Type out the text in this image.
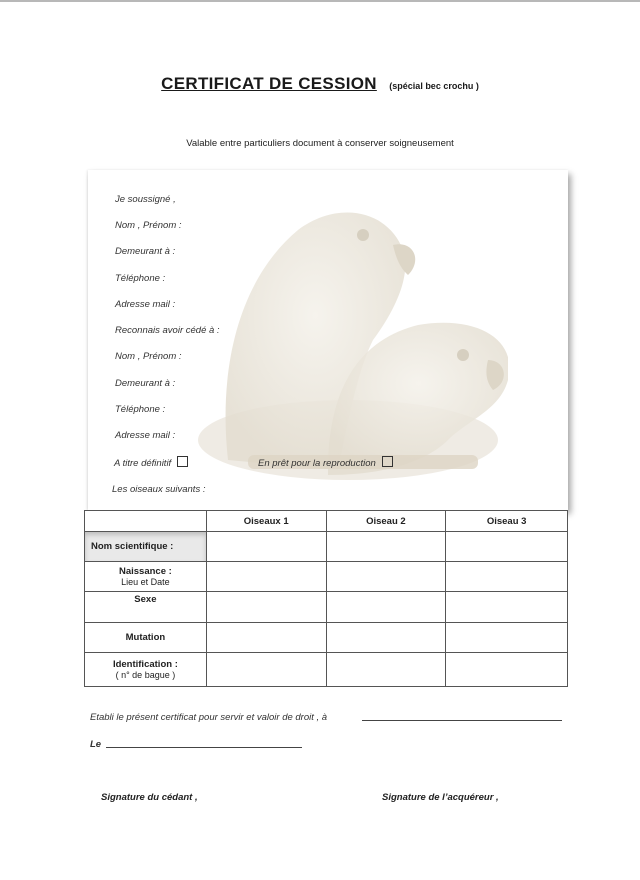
CERTIFICAT DE CESSION (spécial bec crochu )
Valable entre particuliers document à conserver soigneusement
Je soussigné ,
Nom , Prénom :
Demeurant à :
Téléphone :
Adresse mail :
Reconnais avoir cédé à :
Nom , Prénom :
Demeurant à :
Téléphone :
Adresse mail :
A titre définitif	En prêt pour la reproduction
Les oiseaux suivants :
	Oiseaux 1	Oiseau 2	Oiseau 3
Nom scientifique :			

Naissance :
Lieu et Date			

Sexe			
Mutation			

Identification :
( n° de bague )			

Etabli le présent certificat pour servir et valoir de droit , à
Le
Signature du cédant ,	Signature de l’acquéreur ,
